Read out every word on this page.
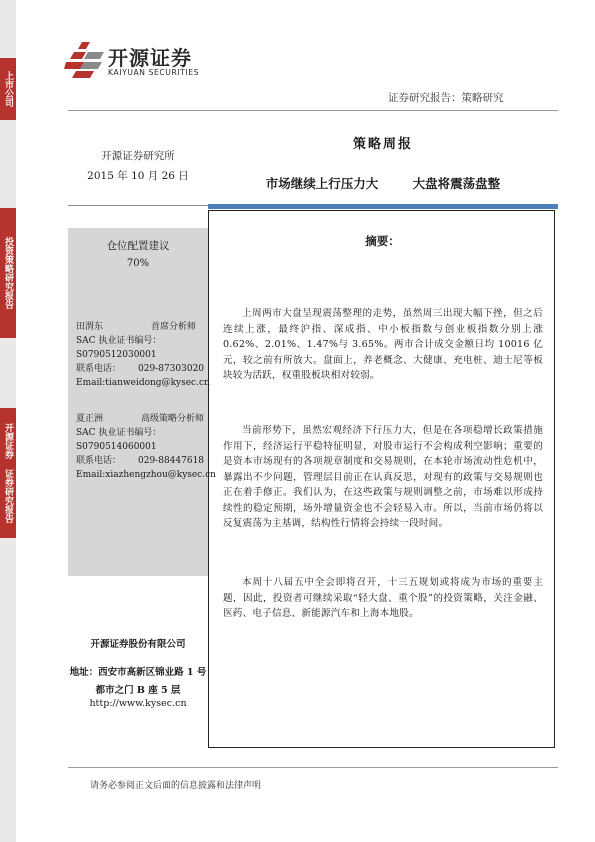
上市公司
投资策略研究报告
开源证券 证券研究报告
开源证券
KAIYUAN SECURITIES
证券研究报告：策略研究
开源证券研究所
2015 年 10 月 26 日
仓位配置建议
70%
田渭东	首席分析师
SAC 执业证书编号：
S0790512030001
联系电话：	029-87303020
Email: tianweidong@kysec.cn
夏正洲	高级策略分析师
SAC 执业证书编号：
S0790514060001
联系电话：	029-88447618
Email: xiazhengzhou@kysec.cn
开源证券股份有限公司
地址：西安市高新区锦业路 1 号
都市之门 B 座 5 层
http://www.kysec.cn
策略周报
市场继续上行压力大	大盘将震荡盘整
摘要：
上周两市大盘呈现震荡整理的走势，虽然周三出现大幅下挫，但之后连续上涨，最终沪指、深成指、中小板指数与创业板指数分别上涨 0.62%、2.01%、1.47%与 3.65%。两市合计成交金额日均 10016 亿元，较之前有所放大。盘面上，养老概念、大健康、充电桩、迪士尼等板块较为活跃，权重股板块相对较弱。
当前形势下，虽然宏观经济下行压力大，但是在各项稳增长政策措施作用下，经济运行平稳特征明显，对股市运行不会构成利空影响；重要的是资本市场现有的各项规章制度和交易规则，在本轮市场流动性危机中，暴露出不少问题，管理层目前正在认真反思，对现有的政策与交易规则也正在着手修正。我们认为，在这些政策与规则调整之前，市场难以形成持续性的稳定预期，场外增量资金也不会轻易入市。所以，当前市场仍将以反复震荡为主基调，结构性行情将会持续一段时间。
本周十八届五中全会即将召开，十三五规划或将成为市场的重要主题，因此，投资者可继续采取“轻大盘、重个股”的投资策略，关注金融、医药、电子信息、新能源汽车和上海本地股。
请务必参阅正文后面的信息披露和法律声明
